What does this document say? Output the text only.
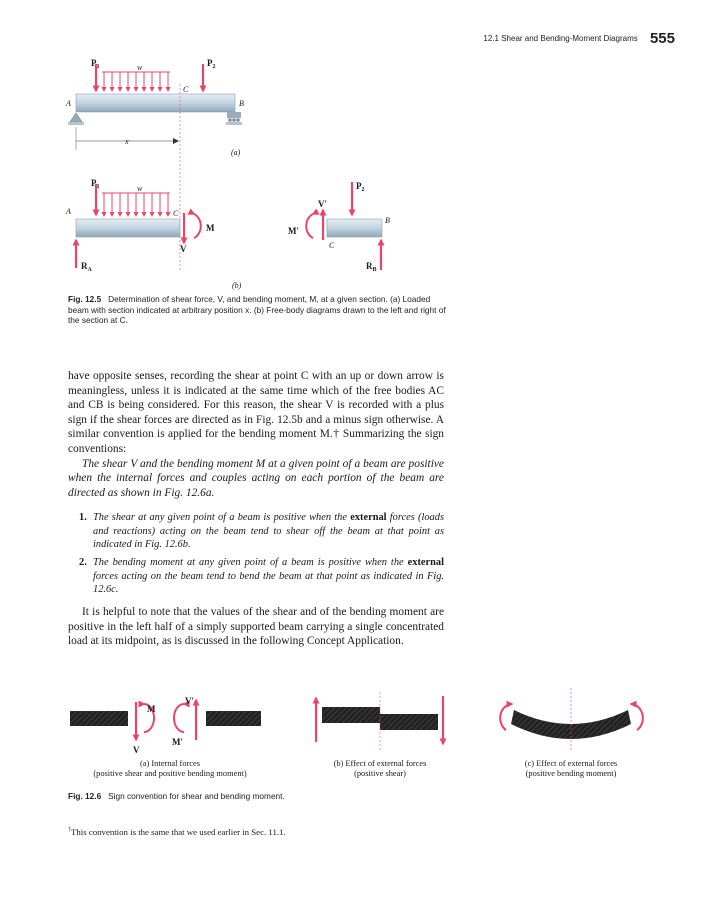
12.1 Shear and Bending-Moment Diagrams 555
$P_1$	w	$P_2$
C
A	B
x
(a)
$P_1$	w
A	C
M
V
$R_A$
$P_2$
V′
M′
C
B
$R_B$
(b)
Fig. 12.5 Determination of shear force, V, and bending moment, M, at a given section. (a) Loaded beam with section indicated at arbitrary position x. (b) Free-body diagrams drawn to the left and right of the section at C.

have opposite senses, recording the shear at point C with an up or down arrow is meaningless, unless it is indicated at the same time which of the free bodies AC and CB is being considered. For this reason, the shear V is recorded with a plus sign if the shear forces are directed as in Fig. 12.5b and a minus sign otherwise. A similar convention is applied for the bending moment M.† Summarizing the sign conventions:

The shear V and the bending moment M at a given point of a beam are positive when the internal forces and couples acting on each portion of the beam are directed as shown in Fig. 12.6a.

1. The shear at any given point of a beam is positive when the external forces (loads and reactions) acting on the beam tend to shear off the beam at that point as indicated in Fig. 12.6b.
2. The bending moment at any given point of a beam is positive when the external forces acting on the beam tend to bend the beam at that point as indicated in Fig. 12.6c.

It is helpful to note that the values of the shear and of the bending moment are positive in the left half of a simply supported beam carrying a single concentrated load at its midpoint, as is discussed in the following Concept Application.

M
V′
M′
V
(a) Internal forces	(b) Effect of external forces	(c) Effect of external forces
(positive shear and positive bending moment)	(positive shear)	(positive bending moment)
Fig. 12.6 Sign convention for shear and bending moment.
†This convention is the same that we used earlier in Sec. 11.1.
